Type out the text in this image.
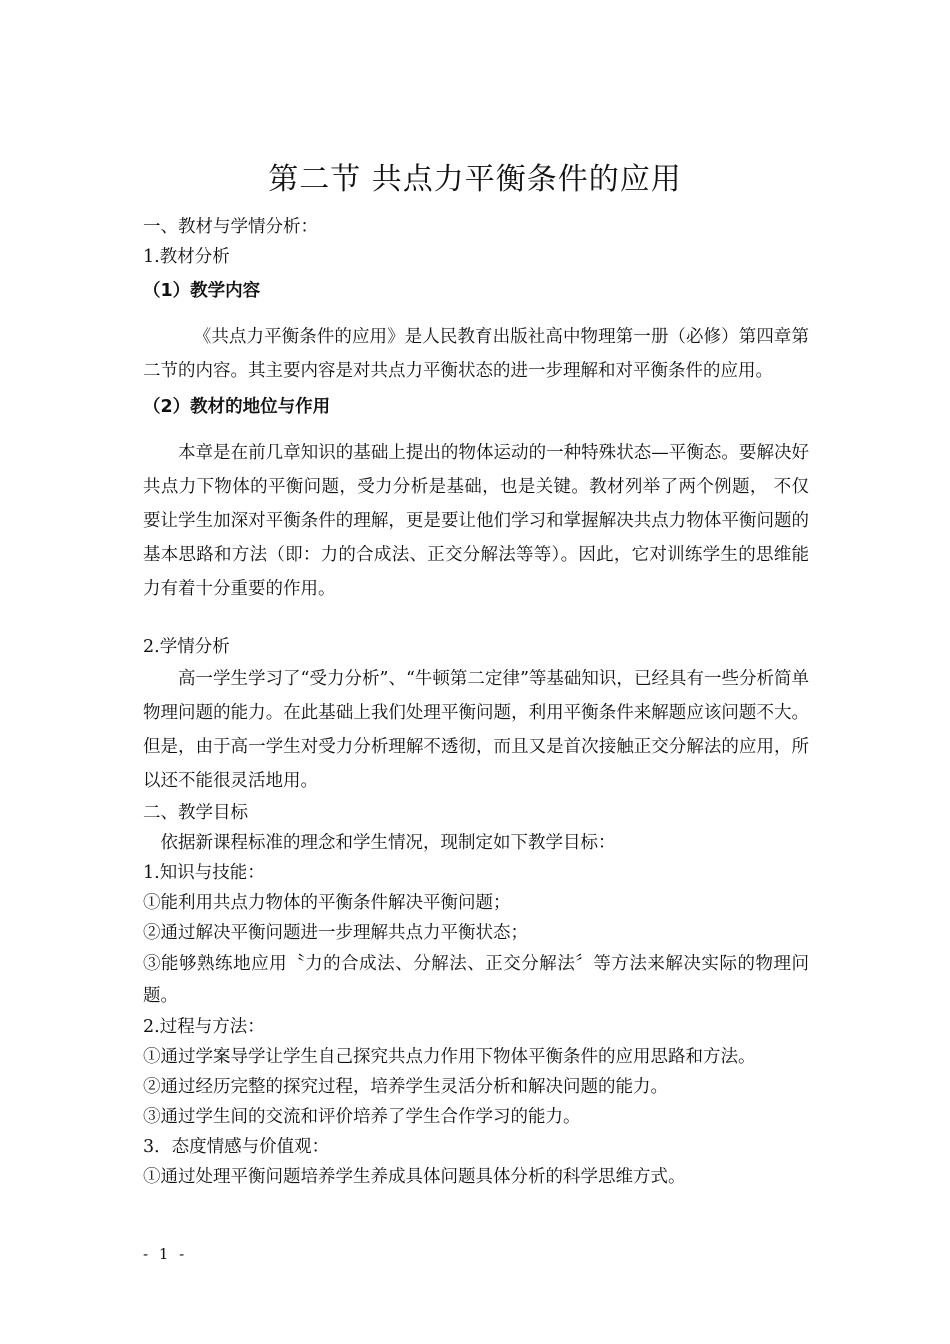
第二节 共点力平衡条件的应用

一、教材与学情分析：

1.教材分析

（1）教学内容

《共点力平衡条件的应用》是人民教育出版社高中物理第一册（必修）第四章第二节的内容。其主要内容是对共点力平衡状态的进一步理解和对平衡条件的应用。

（2）教材的地位与作用

本章是在前几章知识的基础上提出的物体运动的一种特殊状态—平衡态。要解决好共点力下物体的平衡问题，受力分析是基础，也是关键。教材列举了两个例题， 不仅要让学生加深对平衡条件的理解，更是要让他们学习和掌握解决共点力物体平衡问题的基本思路和方法（即：力的合成法、正交分解法等等）。因此，它对训练学生的思维能力有着十分重要的作用。

2.学情分析

高一学生学习了“受力分析”、“牛顿第二定律”等基础知识，已经具有一些分析简单物理问题的能力。在此基础上我们处理平衡问题，利用平衡条件来解题应该问题不大。但是，由于高一学生对受力分析理解不透彻，而且又是首次接触正交分解法的应用，所以还不能很灵活地用。

二、教学目标

依据新课程标准的理念和学生情况，现制定如下教学目标：

1.知识与技能：

①能利用共点力物体的平衡条件解决平衡问题；

②通过解决平衡问题进一步理解共点力平衡状态；

③能够熟练地应用〝力的合成法、分解法、正交分解法〞等方法来解决实际的物理问题。

2.过程与方法：

①通过学案导学让学生自己探究共点力作用下物体平衡条件的应用思路和方法。

②通过经历完整的探究过程，培养学生灵活分析和解决问题的能力。

③通过学生间的交流和评价培养了学生合作学习的能力。

3．态度情感与价值观：

①通过处理平衡问题培养学生养成具体问题具体分析的科学思维方式。

- 1 -
